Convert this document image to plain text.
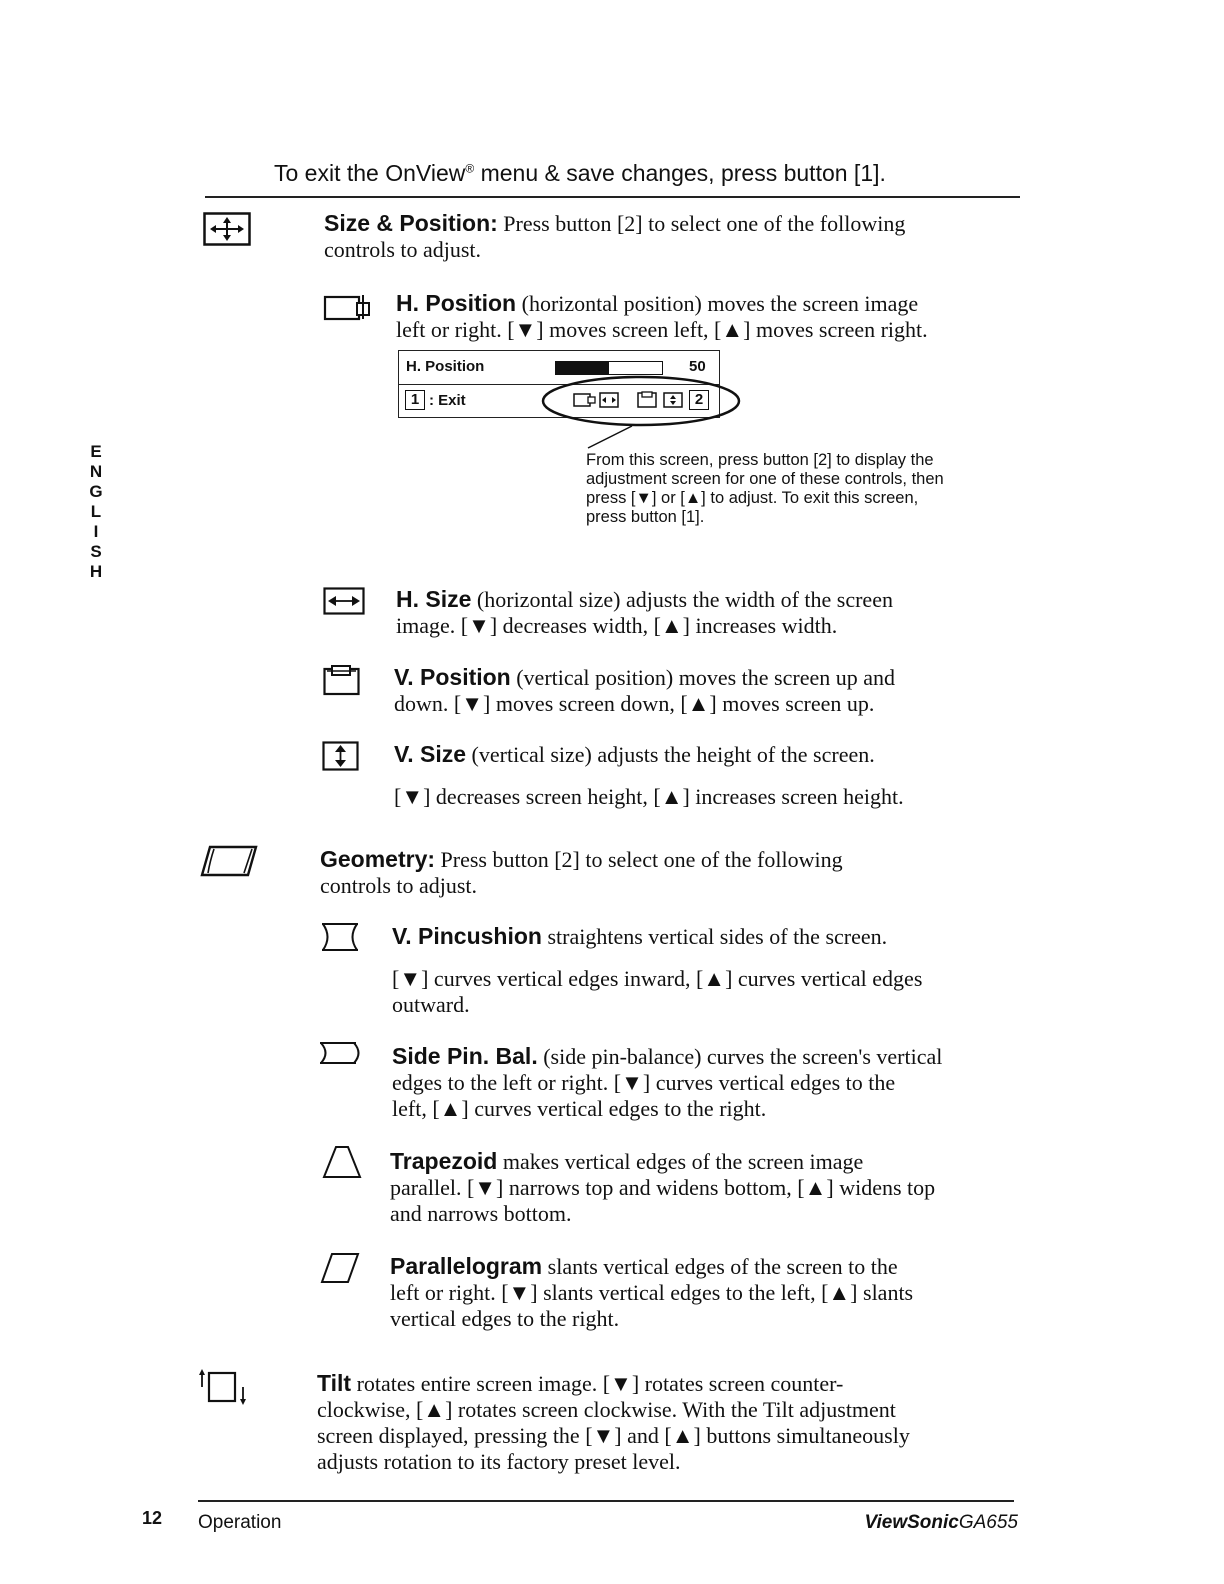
To exit the OnView® menu & save changes, press button [1].
E
N
G
L
I
S
H
Size & Position: Press button [2] to select one of the following
controls to adjust.
H. Position (horizontal position) moves the screen image
left or right. [▼] moves screen left, [▲] moves screen right.
H. Position	50
1 : Exit	2
From this screen, press button [2] to display the
adjustment screen for one of these controls, then
press [▼] or [▲] to adjust. To exit this screen,
press button [1].
H. Size (horizontal size) adjusts the width of the screen
image. [▼] decreases width, [▲] increases width.
V. Position (vertical position) moves the screen up and
down. [▼] moves screen down, [▲] moves screen up.
V. Size (vertical size) adjusts the height of the screen.
[▼] decreases screen height, [▲] increases screen height.
Geometry: Press button [2] to select one of the following
controls to adjust.
V. Pincushion straightens vertical sides of the screen.
[▼] curves vertical edges inward, [▲] curves vertical edges
outward.
Side Pin. Bal. (side pin-balance) curves the screen's vertical
edges to the left or right. [▼] curves vertical edges to the
left, [▲] curves vertical edges to the right.
Trapezoid makes vertical edges of the screen image
parallel. [▼] narrows top and widens bottom, [▲] widens top
and narrows bottom.
Parallelogram slants vertical edges of the screen to the
left or right. [▼] slants vertical edges to the left, [▲] slants
vertical edges to the right.
Tilt rotates entire screen image. [▼] rotates screen counter-
clockwise, [▲] rotates screen clockwise. With the Tilt adjustment
screen displayed, pressing the [▼] and [▲] buttons simultaneously
adjusts rotation to its factory preset level.
12 Operation	ViewSonicGA655
